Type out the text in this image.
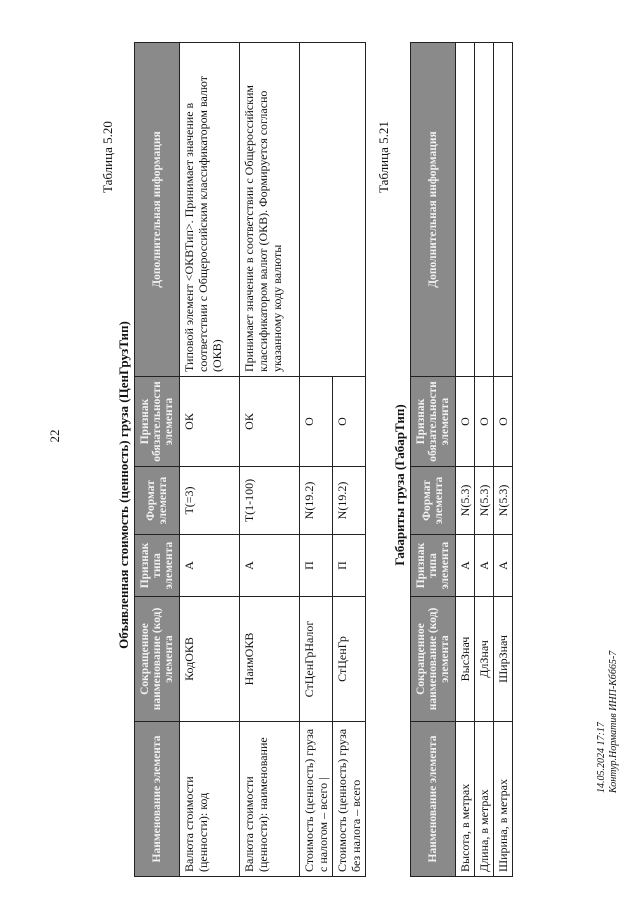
22
Таблица 5.20
Объявленная стоимость (ценность) груза (ЦенГрузТип)
Наименование элемента	Сокращенное наименование (код) элемента	Признак типа элемента	Формат элемента	Признак обязательности элемента	Дополнительная информация
Валюта стоимости (ценности): код	КодОКВ	А	T(=3)	ОК	Типовой элемент <ОКВТип>. Принимает значение в соответствии с Общероссийским классификатором валют (ОКВ)
Валюта стоимости (ценности): наименование	НаимОКВ	А	T(1-100)	ОК	Принимает значение в соответствии с Общероссийским классификатором валют (ОКВ). Формируется согласно указанному коду валюты
Стоимость (ценность) груза с налогом – всего |	СтЦенГрНалог	П	N(19.2)	О	
Стоимость (ценность) груза без налога – всего	СтЦенГр	П	N(19.2)	О	
Таблица 5.21
Габариты груза (ГабарТип)
Наименование элемента	Сокращенное наименование (код) элемента	Признак типа элемента	Формат элемента	Признак обязательности элемента	Дополнительная информация
Высота, в метрах	ВысЗнач	А	N(5.3)	О	
Длина, в метрах	ДлЗнач	А	N(5.3)	О	
Ширина, в метрах	ШирЗнач	А	N(5.3)	О	
14.05.2024 17:17 Контур.Норматив ИНП-Кбб65-7
